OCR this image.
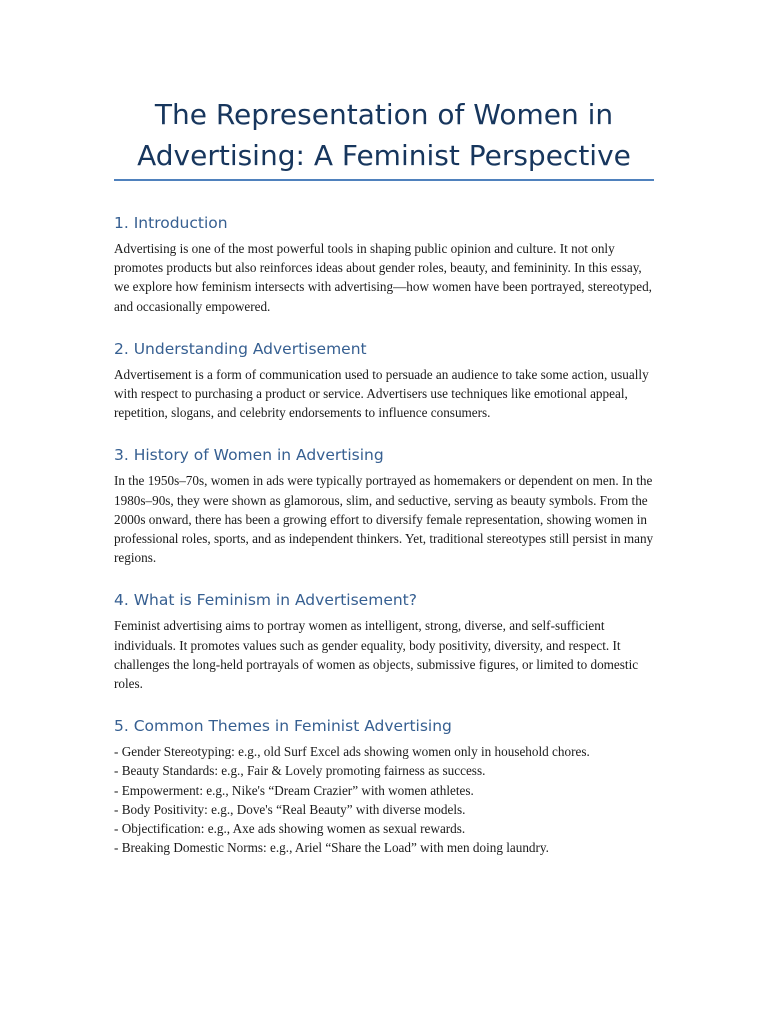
The Representation of Women in
Advertising: A Feminist Perspective
1. Introduction

Advertising is one of the most powerful tools in shaping public opinion and culture. It not only promotes products but also reinforces ideas about gender roles, beauty, and femininity. In this essay, we explore how feminism intersects with advertising—how women have been portrayed, stereotyped, and occasionally empowered.

2. Understanding Advertisement

Advertisement is a form of communication used to persuade an audience to take some action, usually with respect to purchasing a product or service. Advertisers use techniques like emotional appeal, repetition, slogans, and celebrity endorsements to influence consumers.

3. History of Women in Advertising

In the 1950s–70s, women in ads were typically portrayed as homemakers or dependent on men. In the 1980s–90s, they were shown as glamorous, slim, and seductive, serving as beauty symbols. From the 2000s onward, there has been a growing effort to diversify female representation, showing women in professional roles, sports, and as independent thinkers. Yet, traditional stereotypes still persist in many regions.

4. What is Feminism in Advertisement?

Feminist advertising aims to portray women as intelligent, strong, diverse, and self-sufficient individuals. It promotes values such as gender equality, body positivity, diversity, and respect. It challenges the long-held portrayals of women as objects, submissive figures, or limited to domestic roles.

5. Common Themes in Feminist Advertising
- Gender Stereotyping: e.g., old Surf Excel ads showing women only in household chores.
- Beauty Standards: e.g., Fair & Lovely promoting fairness as success.
- Empowerment: e.g., Nike's “Dream Crazier” with women athletes.
- Body Positivity: e.g., Dove's “Real Beauty” with diverse models.
- Objectification: e.g., Axe ads showing women as sexual rewards.
- Breaking Domestic Norms: e.g., Ariel “Share the Load” with men doing laundry.
